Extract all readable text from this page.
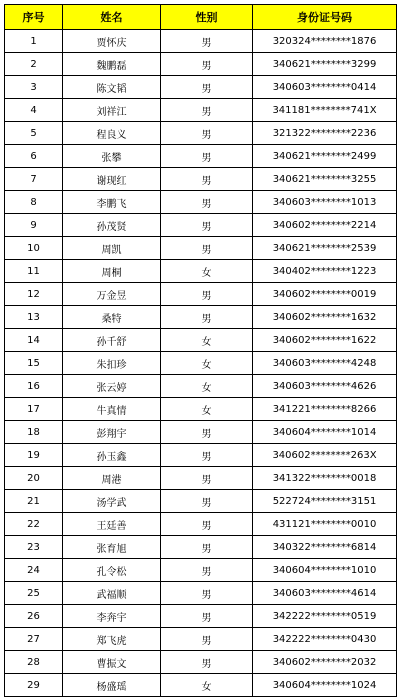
序号	姓名	性别	身份证号码
1	贾怀庆	男	320324********1876
2	魏鹏磊	男	340621********3299
3	陈文韬	男	340603********0414
4	刘祥江	男	341181********741X
5	程良义	男	321322********2236
6	张攀	男	340621********2499
7	谢现红	男	340621********3255
8	李鹏飞	男	340603********1013
9	孙茂贤	男	340602********2214
10	周凯	男	340621********2539
11	周桐	女	340402********1223
12	万金昱	男	340602********0019
13	桑特	男	340602********1632
14	孙千舒	女	340602********1622
15	朱扣珍	女	340603********4248
16	张云婷	女	340603********4626
17	牛真情	女	341221********8266
18	彭翔宇	男	340604********1014
19	孙玉鑫	男	340602********263X
20	周港	男	341322********0018
21	汤学武	男	522724********3151
22	王廷善	男	431121********0010
23	张育旭	男	340322********6814
24	孔令松	男	340604********1010
25	武福顺	男	340603********4614
26	李奔宇	男	342222********0519
27	郑飞虎	男	342222********0430
28	曹振文	男	340602********2032
29	杨盛瑶	女	340604********1024
